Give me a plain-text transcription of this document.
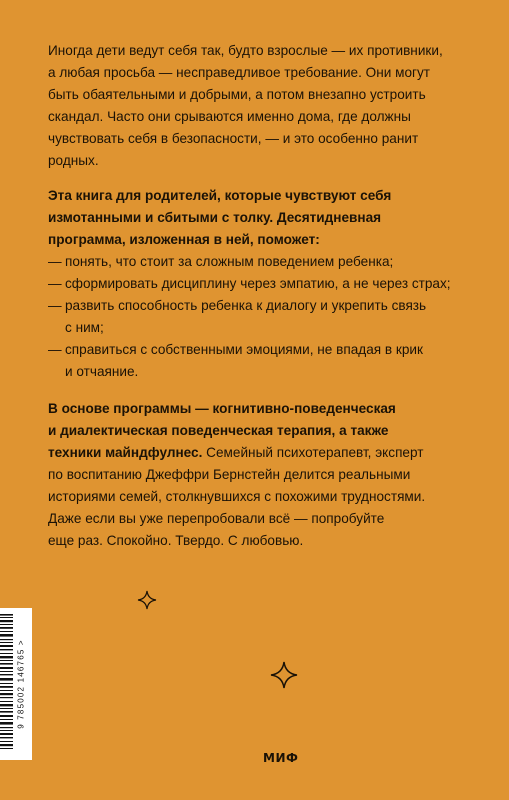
Иногда дети ведут себя так, будто взрослые — их противники,
а любая просьба — несправедливое требование. Они могут
быть обаятельными и добрыми, а потом внезапно устроить
скандал. Часто они срываются именно дома, где должны
чувствовать себя в безопасности, — и это особенно ранит
родных.

Эта книга для родителей, которые чувствуют себя
измотанными и сбитыми с толку. Десятидневная
программа, изложенная в ней, поможет:
— понять, что стоит за сложным поведением ребенка;
— сформировать дисциплину через эмпатию, а не через страх;
— развить способность ребенка к диалогу и укрепить связь
с ним;
— справиться с собственными эмоциями, не впадая в крик
и отчаяние.

В основе программы — когнитивно-поведенческая
и диалектическая поведенческая терапия, а также
техники майндфулнес. Семейный психотерапевт, эксперт
по воспитанию Джеффри Бернстейн делится реальными
историями семей, столкнувшихся с похожими трудностями.
Даже если вы уже перепробовали всё — попробуйте
еще раз. Спокойно. Твердо. С любовью.

9 785002 146765 >
МИФ
